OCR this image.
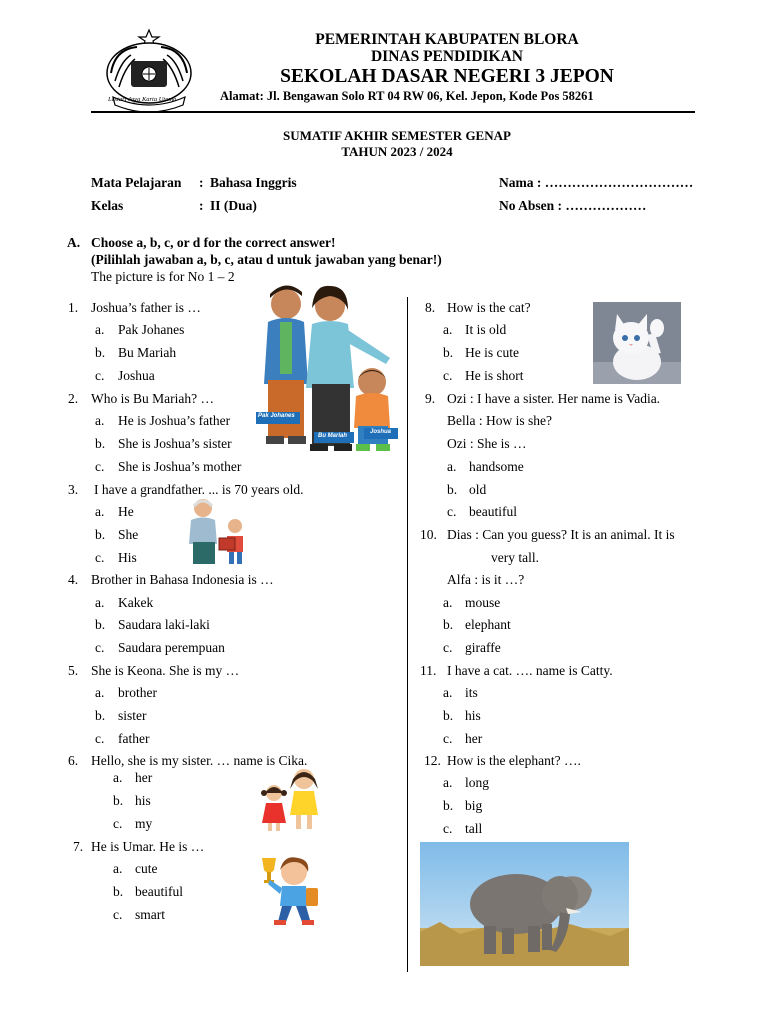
Lestari Jaya Karta Utama
PEMERINTAH KABUPATEN BLORA
DINAS PENDIDIKAN
SEKOLAH DASAR NEGERI 3 JEPON
Alamat: Jl. Bengawan Solo RT 04 RW 06, Kel. Jepon, Kode Pos 58261
SUMATIF AKHIR SEMESTER GENAP
TAHUN 2023 / 2024
Mata Pelajaran : Bahasa Inggris
Kelas	: II (Dua)
Nama : ……………………………
No Absen : ………………
A. Choose a, b, c, or d for the correct answer!
(Pilihlah jawaban a, b, c, atau d untuk jawaban yang benar!)
The picture is for No 1 – 2
1. Joshua’s father is …
a. Pak Johanes
b. Bu Mariah
c. Joshua
2. Who is Bu Mariah? …
a. He is Joshua’s father
b. She is Joshua’s sister
c. She is Joshua’s mother
3. I have a grandfather. ... is 70 years old.
a. He
b. She
c. His
4. Brother in Bahasa Indonesia is …
a. Kakek
b. Saudara laki-laki
c. Saudara perempuan
5. She is Keona. She is my …
a. brother
b. sister
c. father
6. Hello, she is my sister. … name is Cika.
a. her
b. his
c. my
7. He is Umar. He is …
a. cute
b. beautiful
c. smart
8. How is the cat?
a. It is old
b. He is cute
c. He is short
9. Ozi : I have a sister. Her name is Vadia.
Bella : How is she?
Ozi : She is …
a. handsome
b. old
c. beautiful
10. Dias : Can you guess? It is an animal. It is
very tall.
Alfa : is it …?
a. mouse
b. elephant
c. giraffe
11. I have a cat. …. name is Catty.
a. its
b. his
c. her
12. How is the elephant? ….
a. long
b. big
c. tall
Pak Johanes
Bu Mariah
Joshua
